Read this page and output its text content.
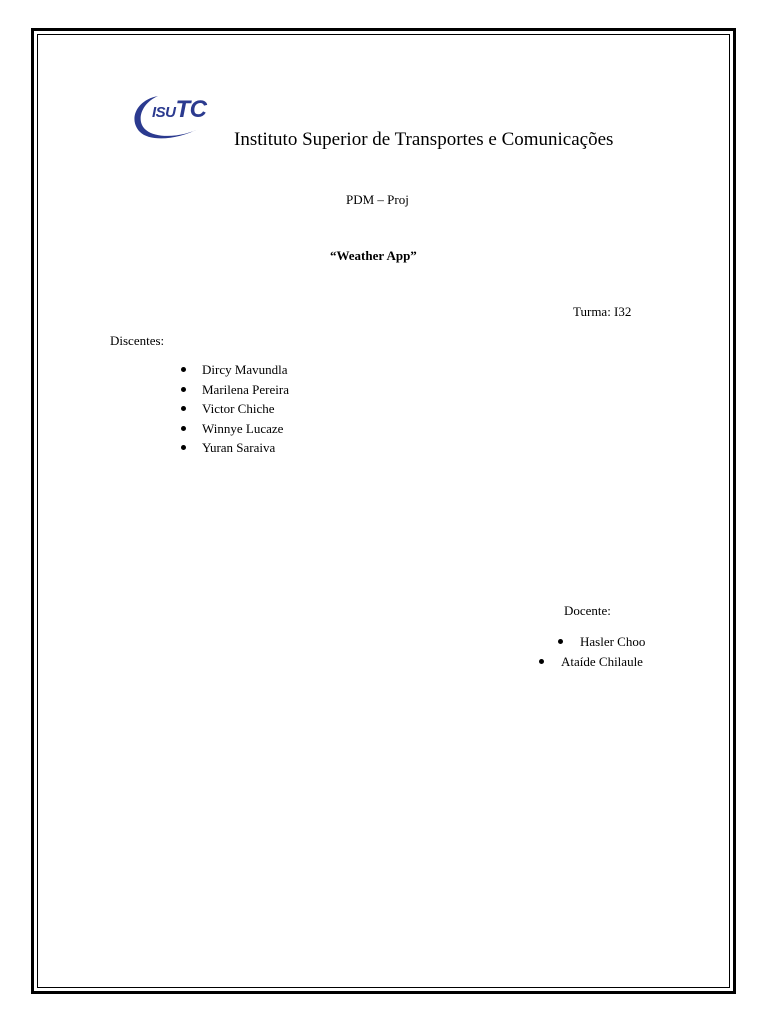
ISUTC
Instituto Superior de Transportes e Comunicações
PDM – Proj
“Weather App”
Turma: I32
Discentes:
Dircy Mavundla
Marilena Pereira
Victor Chiche
Winnye Lucaze
Yuran Saraiva
Docente:
Hasler Choo
Ataíde Chilaule
